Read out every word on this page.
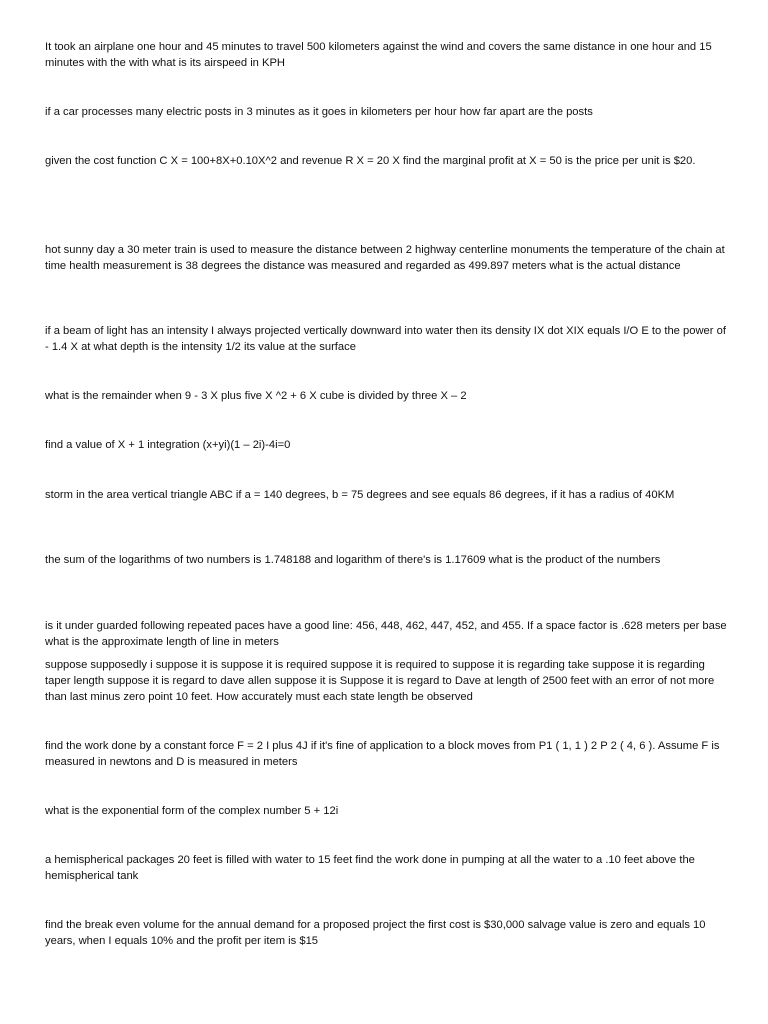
It took an airplane one hour and 45 minutes to travel 500 kilometers against the wind and covers the same distance in one hour and 15 minutes with the with what is its airspeed in KPH

if a car processes many electric posts in 3 minutes as it goes in kilometers per hour how far apart are the posts

given the cost function C X = 100+8X+0.10X^2 and revenue R X = 20 X find the marginal profit at X = 50 is the price per unit is $20.

hot sunny day a 30 meter train is used to measure the distance between 2 highway centerline monuments the temperature of the chain at time health measurement is 38 degrees the distance was measured and regarded as 499.897 meters what is the actual distance

if a beam of light has an intensity I always projected vertically downward into water then its density IX dot XIX equals I/O E to the power of - 1.4 X at what depth is the intensity 1/2 its value at the surface

what is the remainder when 9 - 3 X plus five X ^2 + 6 X cube is divided by three X – 2

find a value of X + 1 integration (x+yi)(1 – 2i)-4i=0

storm in the area vertical triangle ABC if a = 140 degrees, b = 75 degrees and see equals 86 degrees, if it has a radius of 40KM

the sum of the logarithms of two numbers is 1.748188 and logarithm of there's is 1.17609 what is the product of the numbers

is it under guarded following repeated paces have a good line: 456, 448, 462, 447, 452, and 455. If a space factor is .628 meters per base what is the approximate length of line in meters

suppose supposedly i suppose it is suppose it is required suppose it is required to suppose it is regarding take suppose it is regarding taper length suppose it is regard to dave allen suppose it is Suppose it is regard to Dave at length of 2500 feet with an error of not more than last minus zero point 10 feet. How accurately must each state length be observed

find the work done by a constant force F = 2 I plus 4J if it's fine of application to a block moves from P1 ( 1, 1 ) 2 P 2 ( 4, 6 ). Assume F is measured in newtons and D is measured in meters

what is the exponential form of the complex number 5 + 12i

a hemispherical packages 20 feet is filled with water to 15 feet find the work done in pumping at all the water to a .10 feet above the hemispherical tank

find the break even volume for the annual demand for a proposed project the first cost is $30,000 salvage value is zero and equals 10 years, when I equals 10% and the profit per item is $15
